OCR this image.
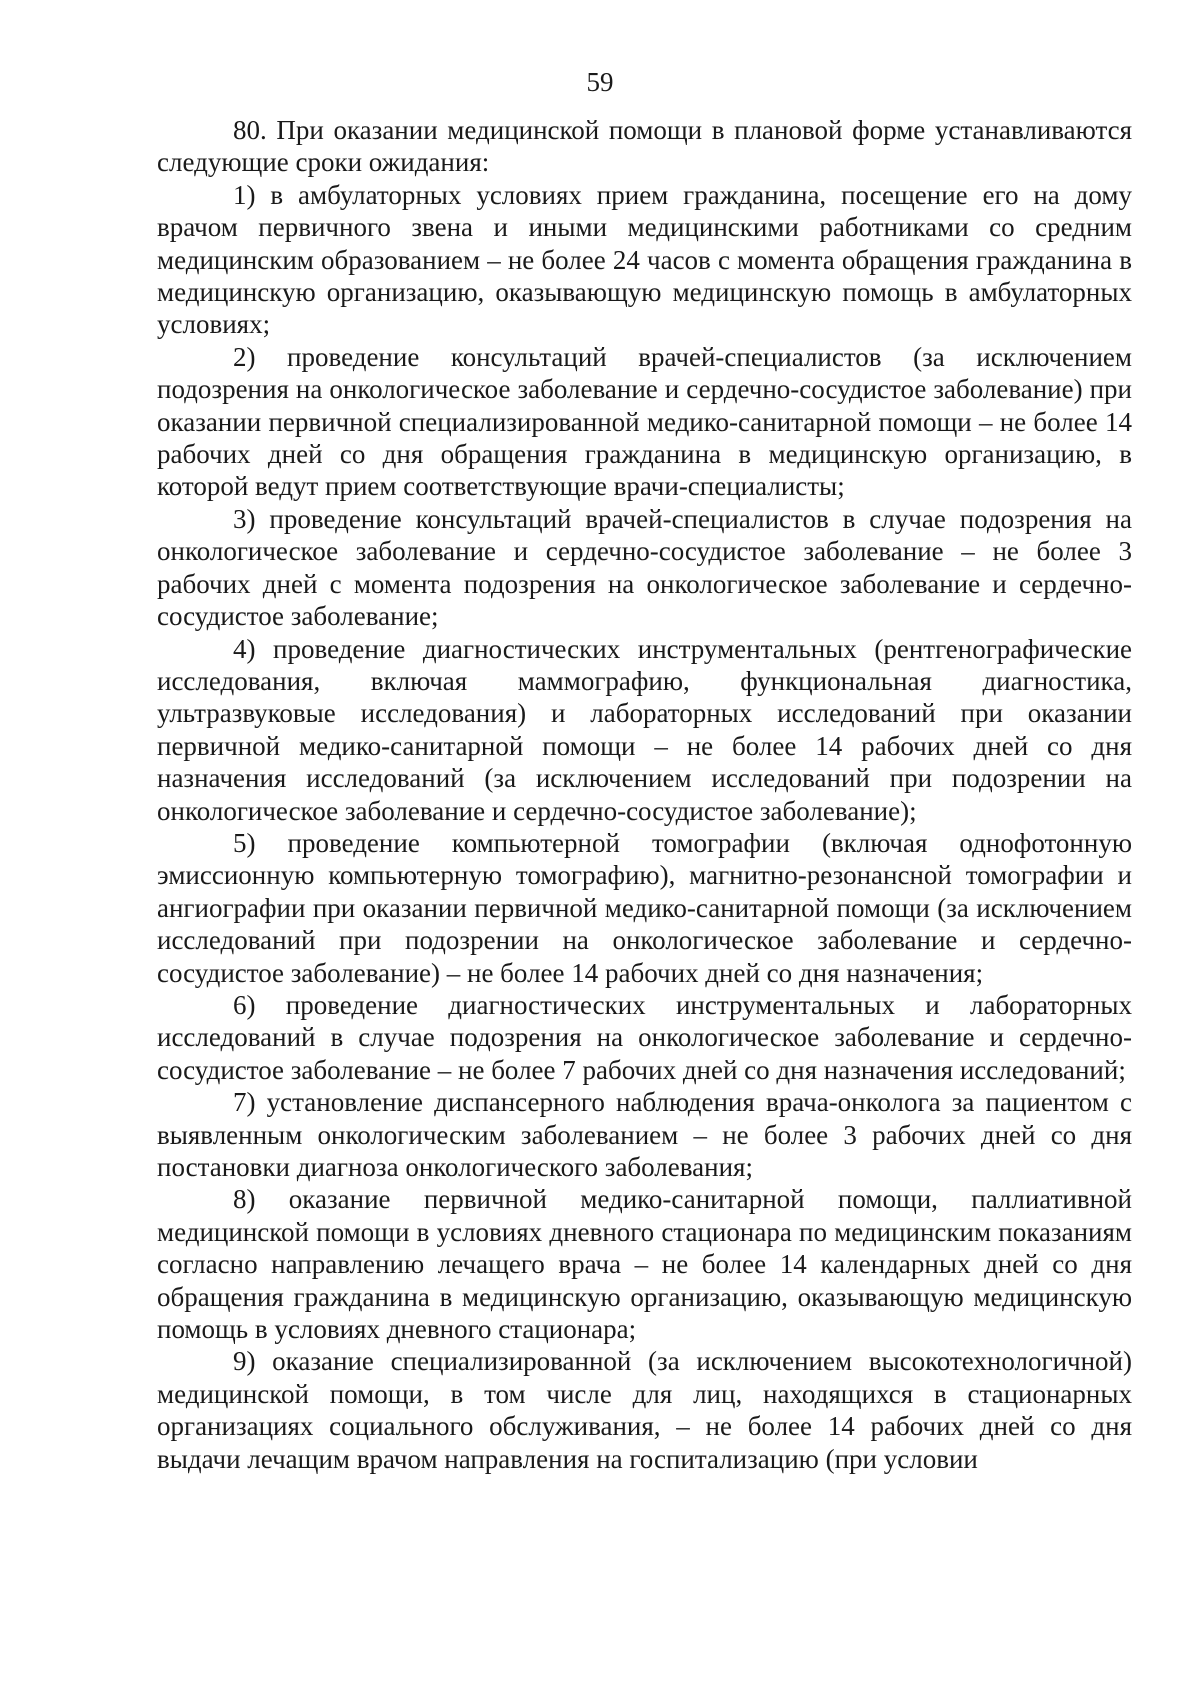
59

80. При оказании медицинской помощи в плановой форме устанавливаются следующие сроки ожидания:

1) в амбулаторных условиях прием гражданина, посещение его на дому врачом первичного звена и иными медицинскими работниками со средним медицинским образованием – не более 24 часов с момента обращения гражданина в медицинскую организацию, оказывающую медицинскую помощь в амбулаторных условиях;

2) проведение консультаций врачей-специалистов (за исключением подозрения на онкологическое заболевание и сердечно-сосудистое заболевание) при оказании первичной специализированной медико-санитарной помощи – не более 14 рабочих дней со дня обращения гражданина в медицинскую организацию, в которой ведут прием соответствующие врачи-специалисты;

3) проведение консультаций врачей-специалистов в случае подозрения на онкологическое заболевание и сердечно-сосудистое заболевание – не более 3 рабочих дней с момента подозрения на онкологическое заболевание и сердечно-сосудистое заболевание;

4) проведение диагностических инструментальных (рентгенографические исследования, включая маммографию, функциональная диагностика, ультразвуковые исследования) и лабораторных исследований при оказании первичной медико-санитарной помощи – не более 14 рабочих дней со дня назначения исследований (за исключением исследований при подозрении на онкологическое заболевание и сердечно-сосудистое заболевание);

5) проведение компьютерной томографии (включая однофотонную эмиссионную компьютерную томографию), магнитно-резонансной томографии и ангиографии при оказании первичной медико-санитарной помощи (за исключением исследований при подозрении на онкологическое заболевание и сердечно-сосудистое заболевание) – не более 14 рабочих дней со дня назначения;

6) проведение диагностических инструментальных и лабораторных исследований в случае подозрения на онкологическое заболевание и сердечно-сосудистое заболевание – не более 7 рабочих дней со дня назначения исследований;

7) установление диспансерного наблюдения врача-онколога за пациентом с выявленным онкологическим заболеванием – не более 3 рабочих дней со дня постановки диагноза онкологического заболевания;

8) оказание первичной медико-санитарной помощи, паллиативной медицинской помощи в условиях дневного стационара по медицинским показаниям согласно направлению лечащего врача – не более 14 календарных дней со дня обращения гражданина в медицинскую организацию, оказывающую медицинскую помощь в условиях дневного стационара;

9) оказание специализированной (за исключением высокотехнологичной) медицинской помощи, в том числе для лиц, находящихся в стационарных организациях социального обслуживания, – не более 14 рабочих дней со дня выдачи лечащим врачом направления на госпитализацию (при условии
